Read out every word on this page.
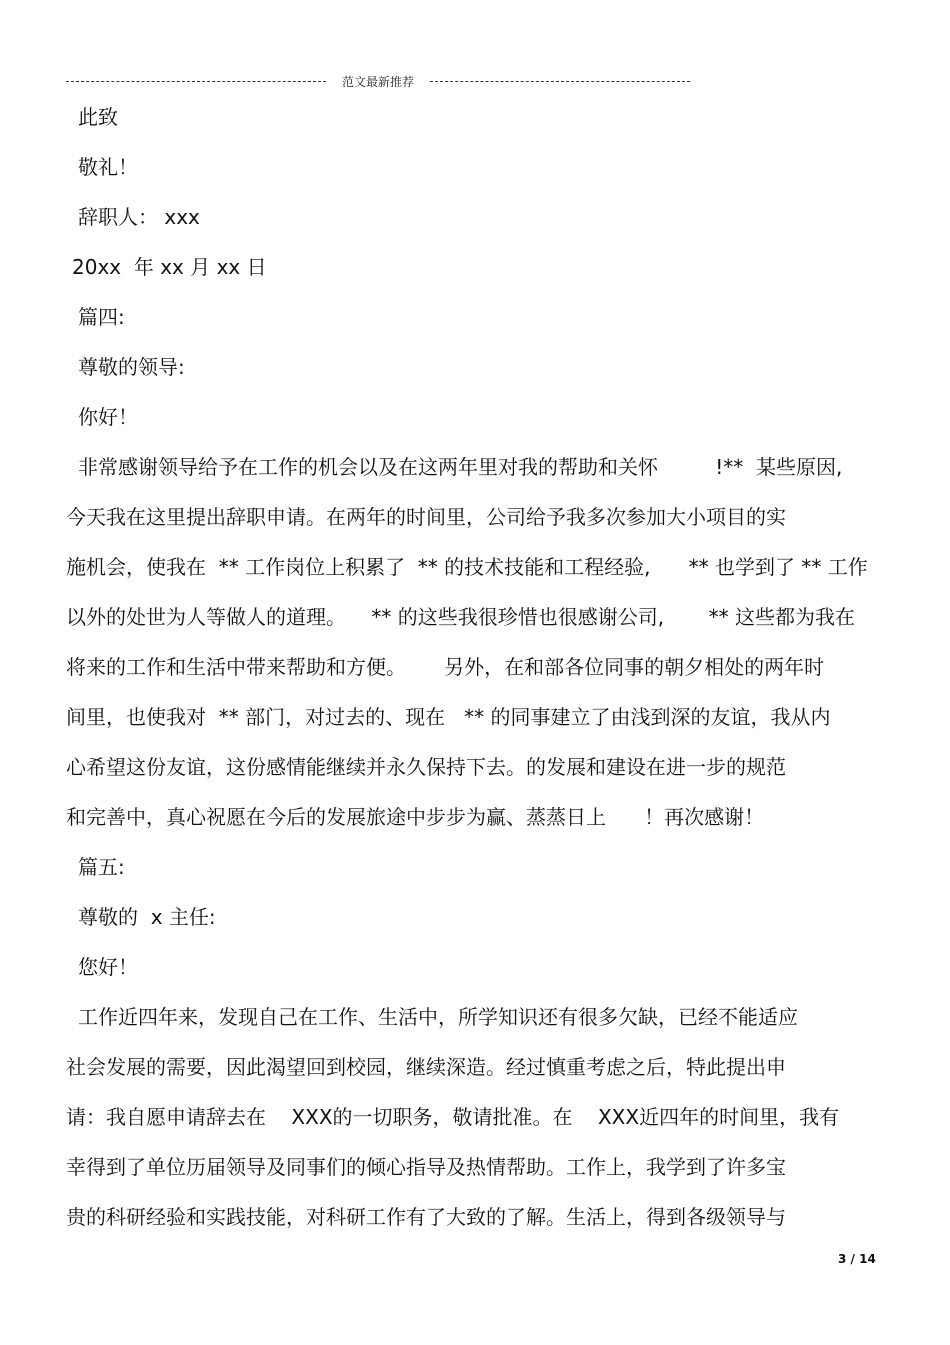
范文最新推荐
此致
敬礼！
辞职人： xxx
20xx  年 xx 月 xx 日
篇四:
尊敬的领导:
你好！
非常感谢领导给予在工作的机会以及在这两年里对我的帮助和关怀         !**  某些原因,
今天我在这里提出辞职申请。在两年的时间里，公司给予我多次参加大小项目的实
施机会，使我在  ** 工作岗位上积累了  ** 的技术技能和工程经验,      ** 也学到了 ** 工作
以外的处世为人等做人的道理。    ** 的这些我很珍惜也很感谢公司,       ** 这些都为我在
将来的工作和生活中带来帮助和方便。      另外，在和部各位同事的朝夕相处的两年时
间里，也使我对  ** 部门，对过去的、现在   ** 的同事建立了由浅到深的友谊，我从内
心希望这份友谊，这份感情能继续并永久保持下去。的发展和建设在进一步的规范
和完善中，真心祝愿在今后的发展旅途中步步为赢、蒸蒸日上      ！再次感谢！
篇五:
尊敬的  x 主任:
您好！
工作近四年来，发现自己在工作、生活中，所学知识还有很多欠缺，已经不能适应
社会发展的需要，因此渴望回到校园，继续深造。经过慎重考虑之后，特此提出申
请：我自愿申请辞去在    XXX的一切职务，敬请批准。在    XXX近四年的时间里，我有
幸得到了单位历届领导及同事们的倾心指导及热情帮助。工作上，我学到了许多宝
贵的科研经验和实践技能，对科研工作有了大致的了解。生活上，得到各级领导与
3 / 14
